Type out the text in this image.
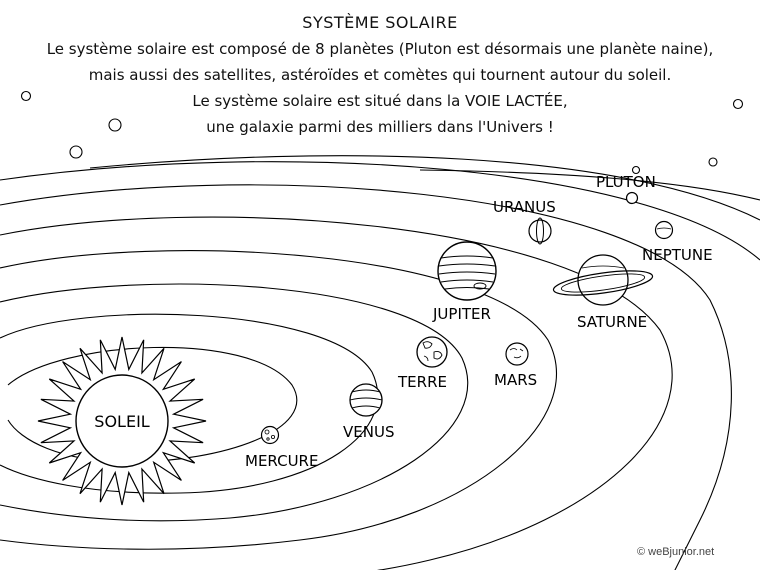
SYSTÈME SOLAIRE
Le système solaire est composé de 8 planètes (Pluton est désormais une planète naine),
mais aussi des satellites, astéroïdes et comètes qui tournent autour du soleil.
Le système solaire est situé dans la VOIE LACTÉE,
une galaxie parmi des milliers dans l'Univers !
SOLEIL
MERCURE
VENUS
TERRE	MARS
JUPITER	SATURNE
URANUS
NEPTUNE
PLUTON
© weBjunior.net
